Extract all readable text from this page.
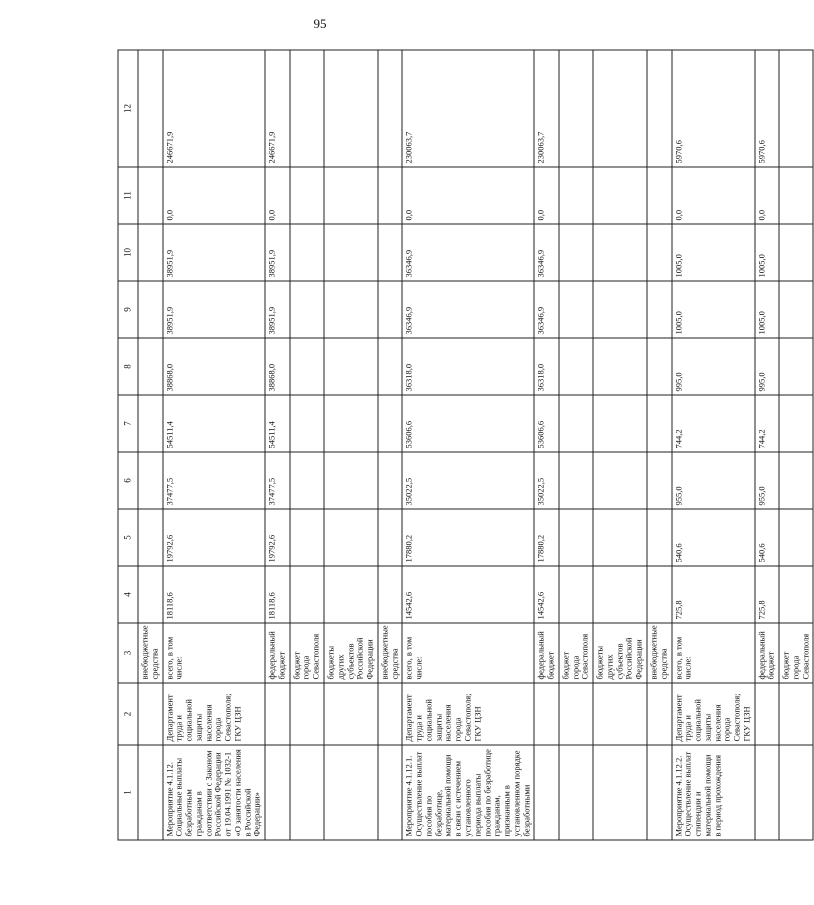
95
1	2	3	4	5	6	7	8	9	10	11	12
		внебюджетные средства									
Мероприятие 4.1.12. Социальные выплаты безработным гражданам в соответствии с Законом Российской Федерации от 19.04.1991 № 1032-1 «О занятости населения в Российской Федерации»	Департамент труда и социальной защиты населения города Севастополя; ГКУ ЦЗН	всего, в том числе:	18118,6	19792,6	37477,5	54511,4	38868,0	38951,9	38951,9	0,0	246671,9
		федеральный бюджет	18118,6	19792,6	37477,5	54511,4	38868,0	38951,9	38951,9	0,0	246671,9
		бюджет города Севастополя									
		бюджеты других субъектов Российской Федерации									
		внебюджетные средства									
Мероприятие 4.1.12.1. Осуществление выплат пособия по безработице, материальной помощи в связи с истечением установленного периода выплаты пособия по безработице гражданам, признанным в установленном порядке безработными	Департамент труда и социальной защиты населения города Севастополя; ГКУ ЦЗН	всего, в том числе:	14542,6	17880,2	35022,5	53606,6	36318,0	36346,9	36346,9	0,0	230063,7
		федеральный бюджет	14542,6	17880,2	35022,5	53606,6	36318,0	36346,9	36346,9	0,0	230063,7
		бюджет города Севастополя									
		бюджеты других субъектов Российской Федерации									
		внебюджетные средства									
Мероприятие 4.1.12.2. Осуществление выплат стипендии и материальной помощи в период прохождения	Департамент труда и социальной защиты населения города Севастополя; ГКУ ЦЗН	всего, в том числе:	725,8	540,6	955,0	744,2	995,0	1005,0	1005,0	0,0	5970,6
		федеральный бюджет	725,8	540,6	955,0	744,2	995,0	1005,0	1005,0	0,0	5970,6
		бюджет города Севастополя									
